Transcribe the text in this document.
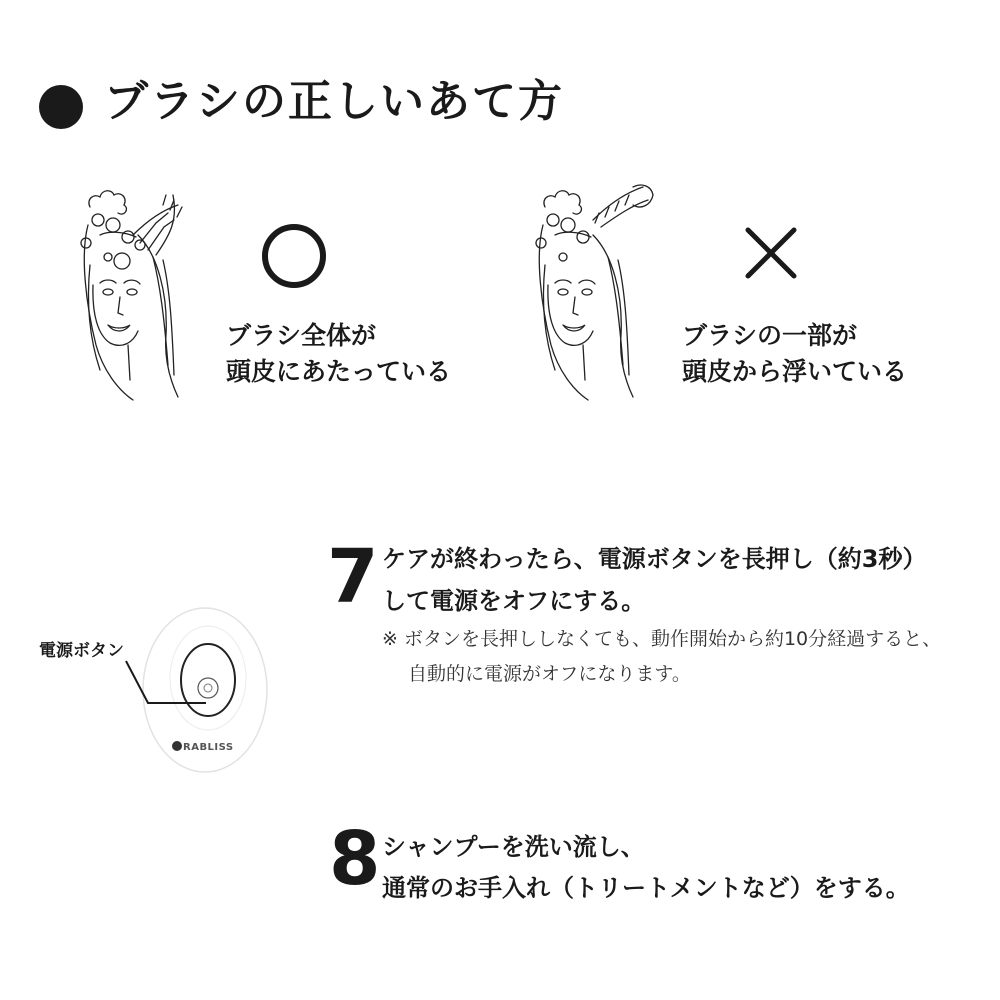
ブラシの正しいあて方
ブラシ全体が
頭皮にあたっている
ブラシの一部が
頭皮から浮いている
電源ボタン
RABLISS
7 ケアが終わったら、電源ボタンを長押し（約3秒）
して電源をオフにする。
※ ボタンを長押ししなくても、動作開始から約10分経過すると、
自動的に電源がオフになります。
8 シャンプーを洗い流し、
通常のお手入れ（トリートメントなど）をする。
